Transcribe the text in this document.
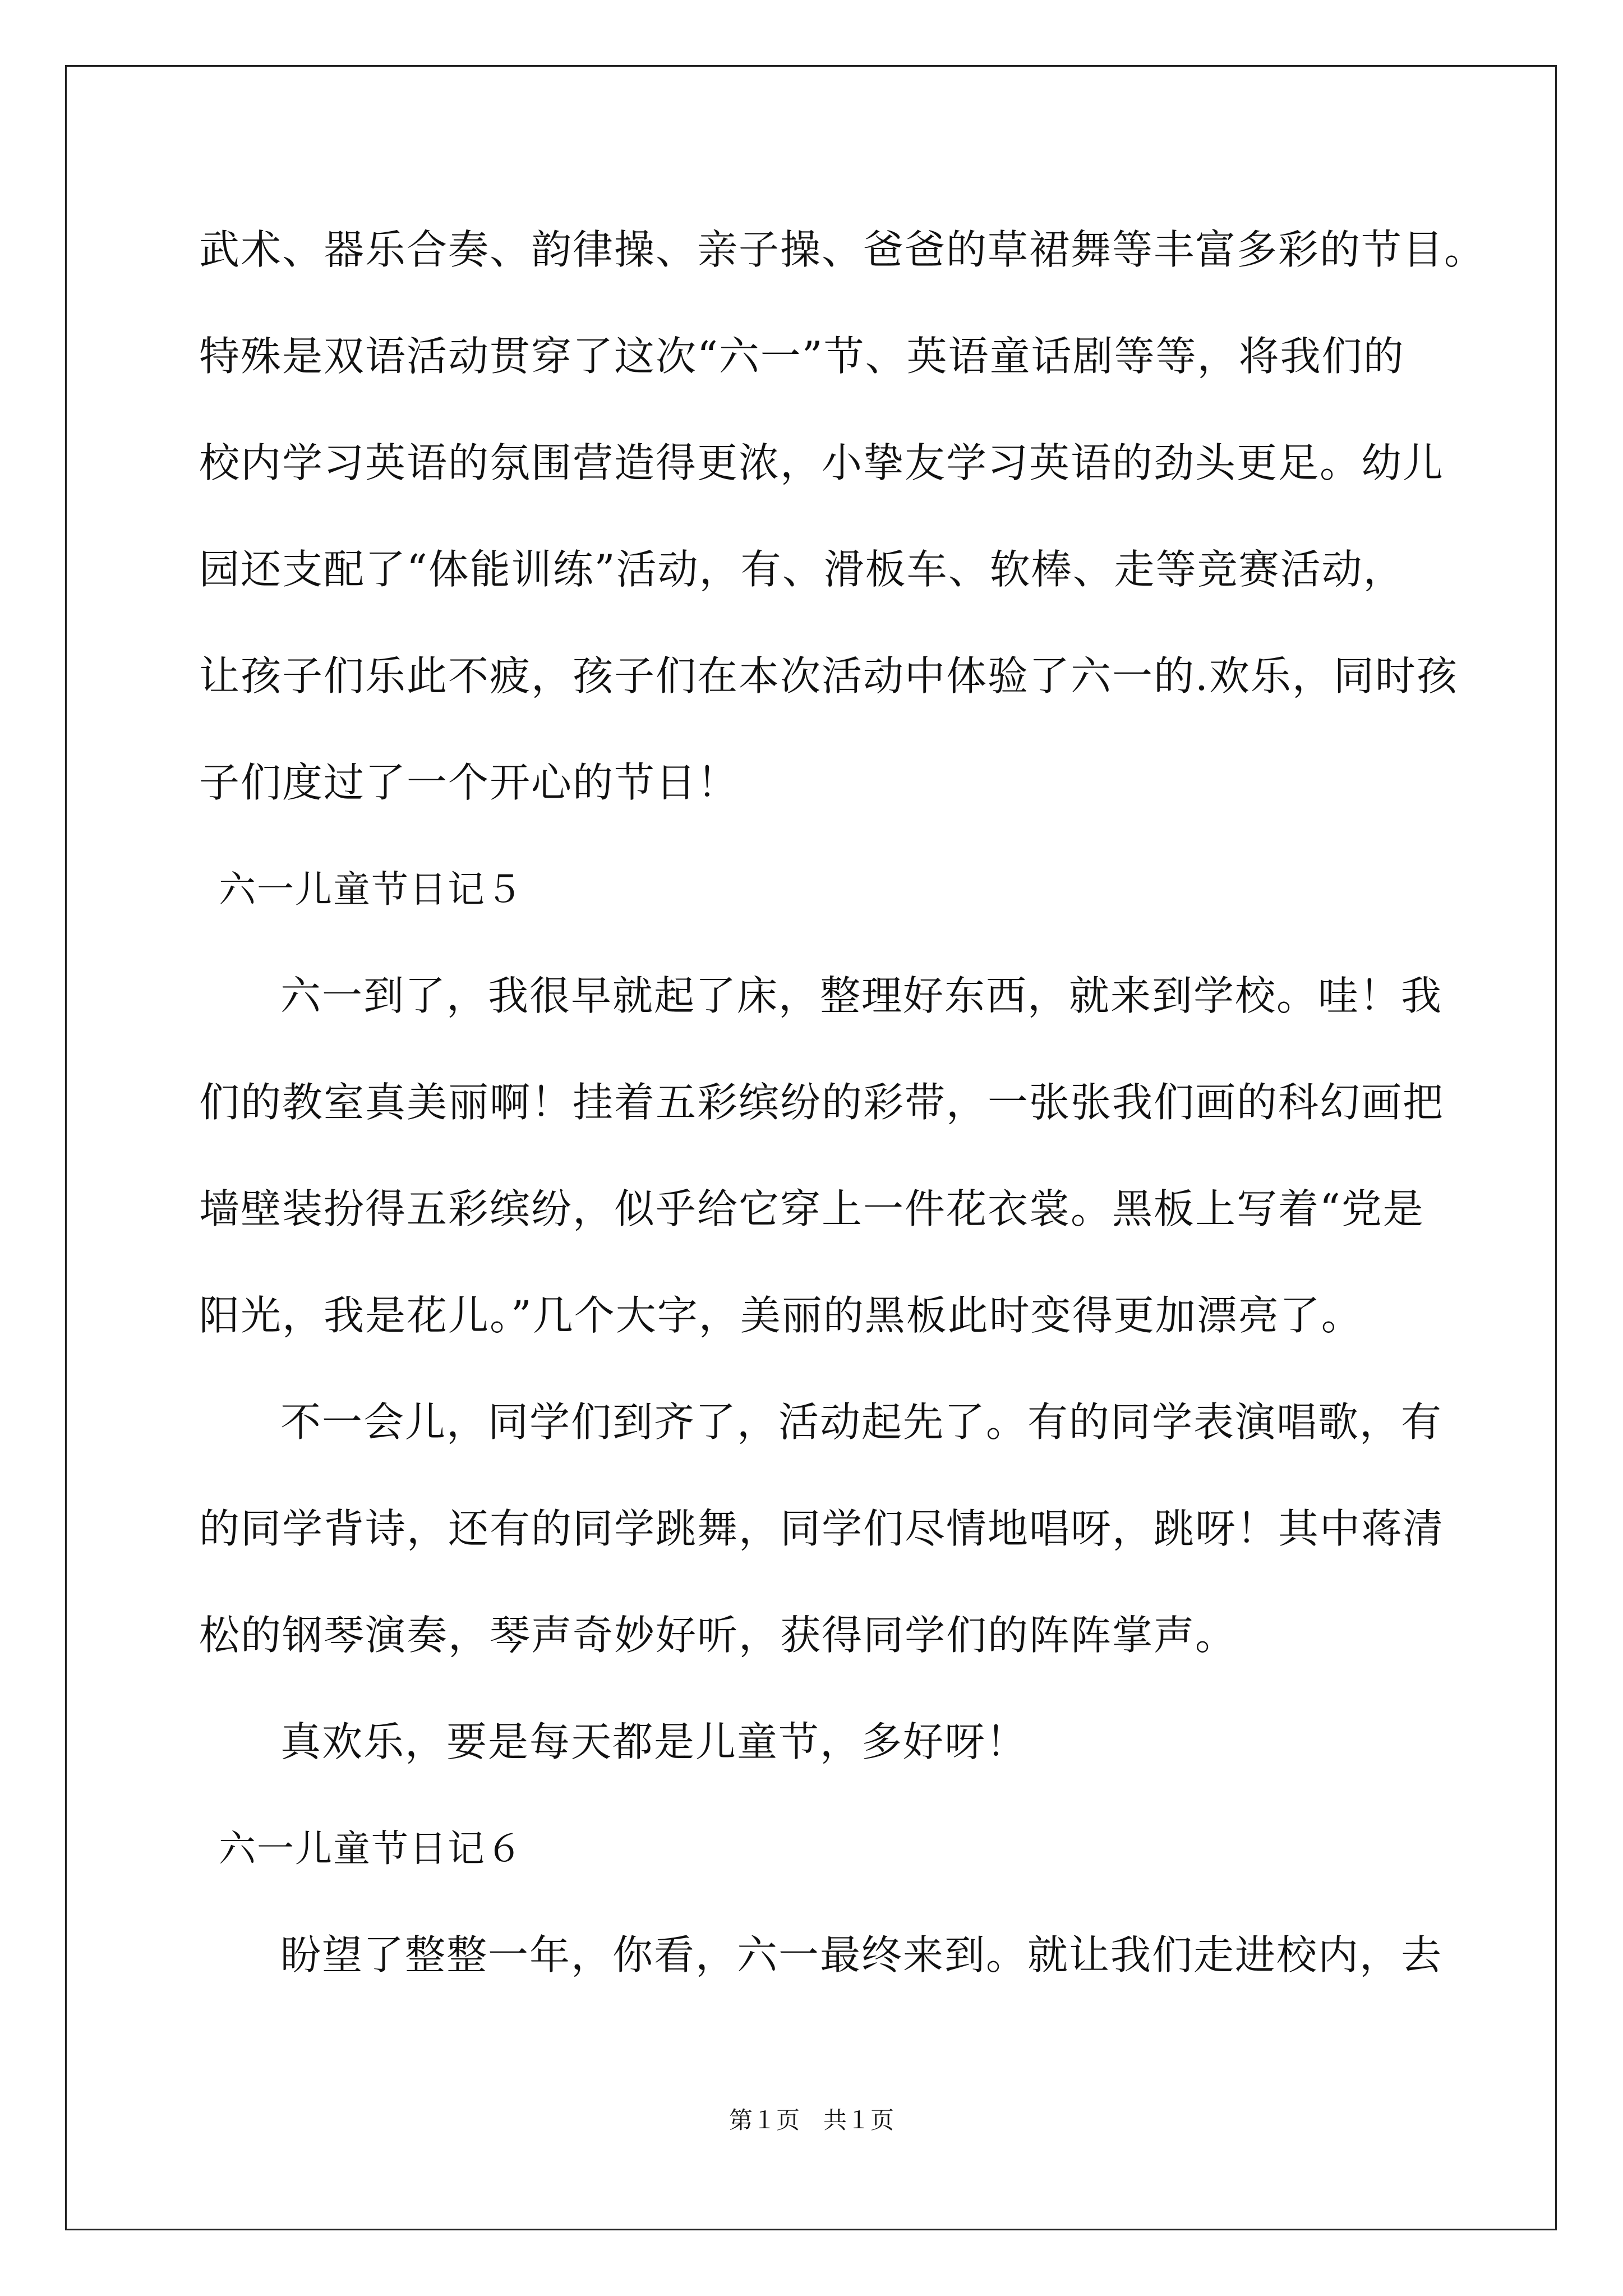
武术、器乐合奏、韵律操、亲子操、爸爸的草裙舞等丰富多彩的节目。
特殊是双语活动贯穿了这次“六一”节、英语童话剧等等，将我们的
校内学习英语的氛围营造得更浓，小挚友学习英语的劲头更足。幼儿
园还支配了“体能训练”活动，有、滑板车、软棒、走等竞赛活动，
让孩子们乐此不疲，孩子们在本次活动中体验了六一的.欢乐，同时孩
子们度过了一个开心的节日！
六一儿童节日记５
六一到了，我很早就起了床，整理好东西，就来到学校。哇！我
们的教室真美丽啊！挂着五彩缤纷的彩带，一张张我们画的科幻画把
墙壁装扮得五彩缤纷，似乎给它穿上一件花衣裳。黑板上写着“党是
阳光，我是花儿。”几个大字，美丽的黑板此时变得更加漂亮了。
不一会儿，同学们到齐了，活动起先了。有的同学表演唱歌，有
的同学背诗，还有的同学跳舞，同学们尽情地唱呀，跳呀！其中蒋清
松的钢琴演奏，琴声奇妙好听，获得同学们的阵阵掌声。
真欢乐，要是每天都是儿童节，多好呀！
六一儿童节日记６
盼望了整整一年，你看，六一最终来到。就让我们走进校内，去
第１页　共１页
